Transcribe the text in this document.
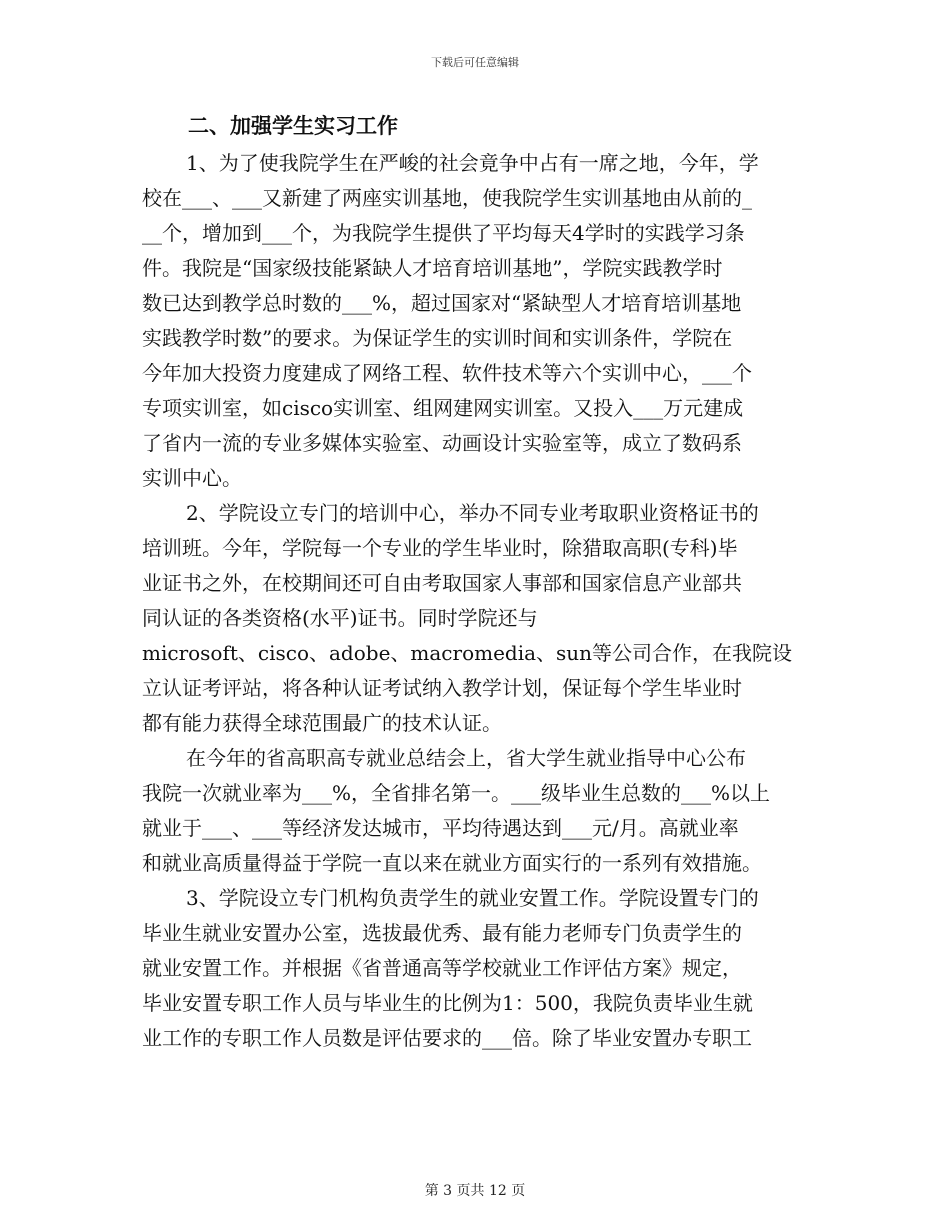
下载后可任意编辑
二、加强学生实习工作
1、为了使我院学生在严峻的社会竟争中占有一席之地，今年，学
校在___、___又新建了两座实训基地，使我院学生实训基地由从前的_
__个，增加到___个，为我院学生提供了平均每天4学时的实践学习条
件。我院是“国家级技能紧缺人才培育培训基地”，学院实践教学时
数已达到教学总时数的___%，超过国家对“紧缺型人才培育培训基地
实践教学时数”的要求。为保证学生的实训时间和实训条件，学院在
今年加大投资力度建成了网络工程、软件技术等六个实训中心，___个
专项实训室，如cisco实训室、组网建网实训室。又投入___万元建成
了省内一流的专业多媒体实验室、动画设计实验室等，成立了数码系
实训中心。
2、学院设立专门的培训中心，举办不同专业考取职业资格证书的
培训班。今年，学院每一个专业的学生毕业时，除猎取高职(专科)毕
业证书之外，在校期间还可自由考取国家人事部和国家信息产业部共
同认证的各类资格(水平)证书。同时学院还与
microsoft、cisco、adobe、macromedia、sun等公司合作，在我院设
立认证考评站，将各种认证考试纳入教学计划，保证每个学生毕业时
都有能力获得全球范围最广的技术认证。
在今年的省高职高专就业总结会上，省大学生就业指导中心公布
我院一次就业率为___%，全省排名第一。___级毕业生总数的___%以上
就业于___、___等经济发达城市，平均待遇达到___元/月。高就业率
和就业高质量得益于学院一直以来在就业方面实行的一系列有效措施。
3、学院设立专门机构负责学生的就业安置工作。学院设置专门的
毕业生就业安置办公室，选拔最优秀、最有能力老师专门负责学生的
就业安置工作。并根据《省普通高等学校就业工作评估方案》规定，
毕业安置专职工作人员与毕业生的比例为1：500，我院负责毕业生就
业工作的专职工作人员数是评估要求的___倍。除了毕业安置办专职工
第 3 页共 12 页
